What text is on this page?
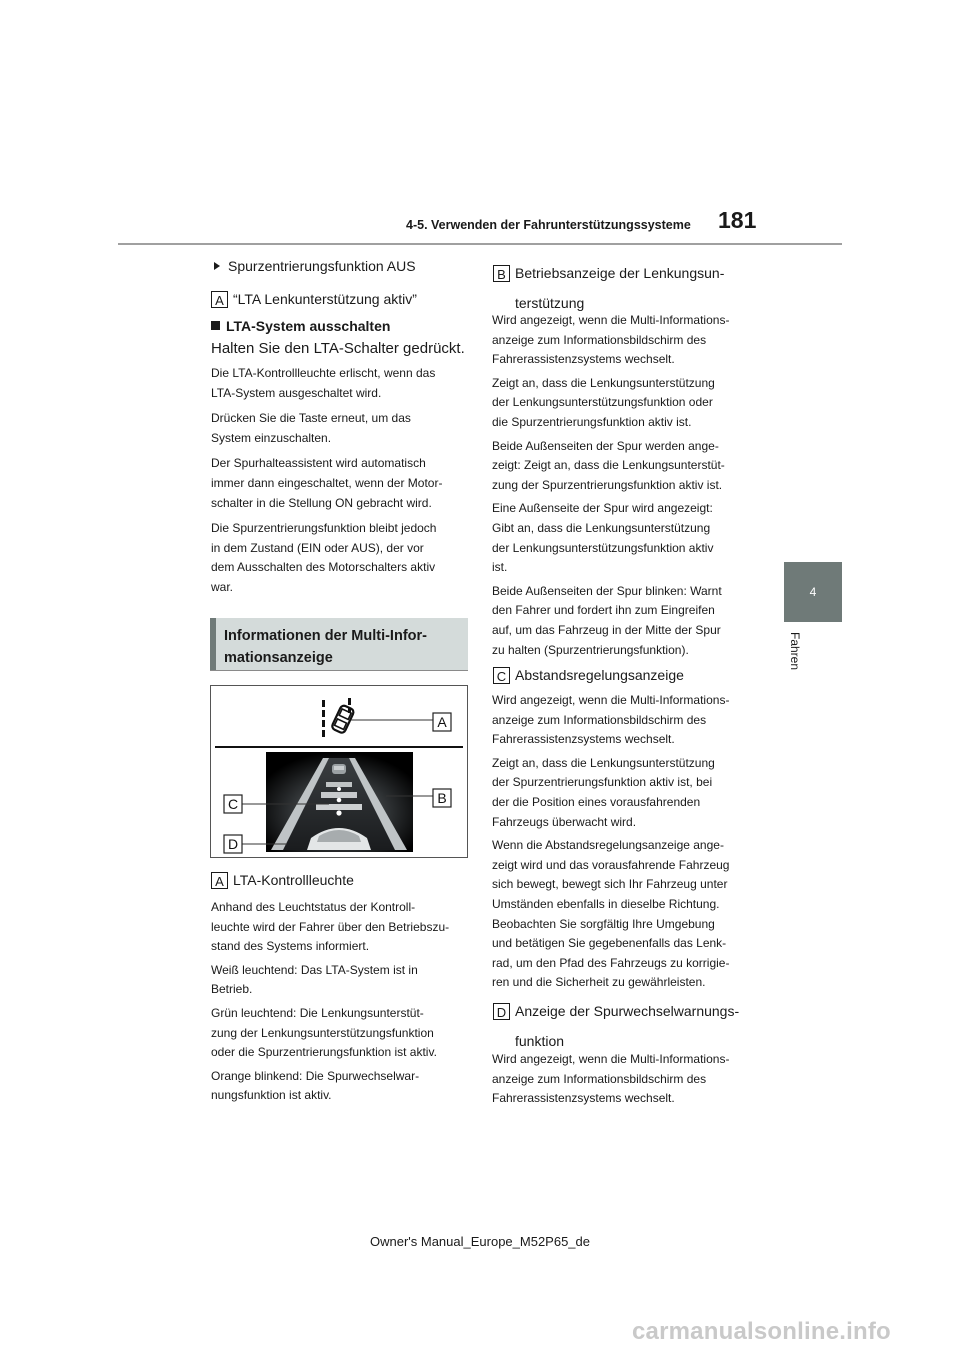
4-5. Verwenden der Fahrunterstützungssysteme 181
4
Fahren
Spurzentrierungsfunktion AUS
A “LTA Lenkunterstützung aktiv”
LTA-System ausschalten
Halten Sie den LTA-Schalter gedrückt.

Die LTA-Kontrollleuchte erlischt, wenn das

LTA-System ausgeschaltet wird.

Drücken Sie die Taste erneut, um das

System einzuschalten.

Der Spurhalteassistent wird automatisch

immer dann eingeschaltet, wenn der Motor-

schalter in die Stellung ON gebracht wird.

Die Spurzentrierungsfunktion bleibt jedoch

in dem Zustand (EIN oder AUS), der vor

dem Ausschalten des Motorschalters aktiv

war.

Informationen der Multi-Infor-
mationsanzeige
A
C	B
D
A LTA-Kontrollleuchte

Anhand des Leuchtstatus der Kontroll-

leuchte wird der Fahrer über den Betriebszu-

stand des Systems informiert.

Weiß leuchtend: Das LTA-System ist in

Betrieb.

Grün leuchtend: Die Lenkungsunterstüt-

zung der Lenkungsunterstützungsfunktion

oder die Spurzentrierungsfunktion ist aktiv.

Orange blinkend: Die Spurwechselwar-

nungsfunktion ist aktiv.

B Betriebsanzeige der Lenkungsun-
terstützung

Wird angezeigt, wenn die Multi-Informations-

anzeige zum Informationsbildschirm des

Fahrerassistenzsystems wechselt.

Zeigt an, dass die Lenkungsunterstützung

der Lenkungsunterstützungsfunktion oder

die Spurzentrierungsfunktion aktiv ist.

Beide Außenseiten der Spur werden ange-

zeigt: Zeigt an, dass die Lenkungsunterstüt-

zung der Spurzentrierungsfunktion aktiv ist.

Eine Außenseite der Spur wird angezeigt:

Gibt an, dass die Lenkungsunterstützung

der Lenkungsunterstützungsfunktion aktiv

ist.

Beide Außenseiten der Spur blinken: Warnt

den Fahrer und fordert ihn zum Eingreifen

auf, um das Fahrzeug in der Mitte der Spur

zu halten (Spurzentrierungsfunktion).

C Abstandsregelungsanzeige

Wird angezeigt, wenn die Multi-Informations-

anzeige zum Informationsbildschirm des

Fahrerassistenzsystems wechselt.

Zeigt an, dass die Lenkungsunterstützung

der Spurzentrierungsfunktion aktiv ist, bei

der die Position eines vorausfahrenden

Fahrzeugs überwacht wird.

Wenn die Abstandsregelungsanzeige ange-

zeigt wird und das vorausfahrende Fahrzeug

sich bewegt, bewegt sich Ihr Fahrzeug unter

Umständen ebenfalls in dieselbe Richtung.

Beobachten Sie sorgfältig Ihre Umgebung

und betätigen Sie gegebenenfalls das Lenk-

rad, um den Pfad des Fahrzeugs zu korrigie-

ren und die Sicherheit zu gewährleisten.

D Anzeige der Spurwechselwarnungs-
funktion

Wird angezeigt, wenn die Multi-Informations-

anzeige zum Informationsbildschirm des

Fahrerassistenzsystems wechselt.

Owner's Manual_Europe_M52P65_de
carmanualsonline.info
